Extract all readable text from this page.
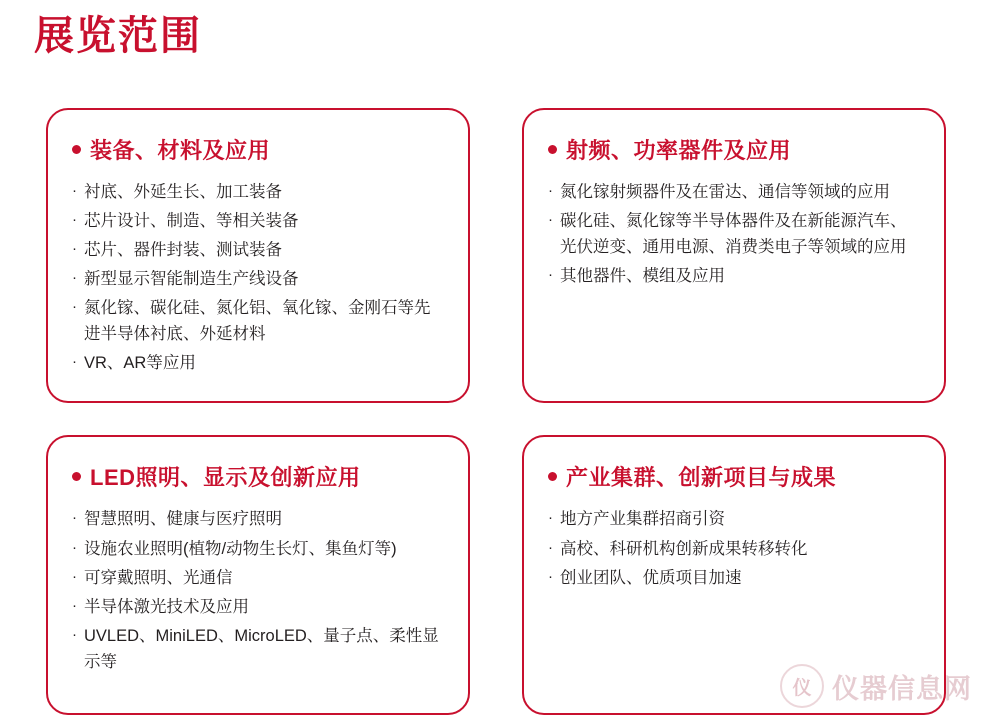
展览范围
装备、材料及应用
· 衬底、外延生长、加工装备
· 芯片设计、制造、等相关装备
· 芯片、器件封装、测试装备
· 新型显示智能制造生产线设备
· 氮化镓、碳化硅、氮化铝、氧化镓、金刚石等先进半导体衬底、外延材料
· VR、AR等应用
射频、功率器件及应用
· 氮化镓射频器件及在雷达、通信等领域的应用
· 碳化硅、氮化镓等半导体器件及在新能源汽车、光伏逆变、通用电源、消费类电子等领域的应用
· 其他器件、模组及应用
LED照明、显示及创新应用
· 智慧照明、健康与医疗照明
· 设施农业照明(植物/动物生长灯、集鱼灯等)
· 可穿戴照明、光通信
· 半导体激光技术及应用
· UVLED、MiniLED、MicroLED、量子点、柔性显示等
产业集群、创新项目与成果
· 地方产业集群招商引资
· 高校、科研机构创新成果转移转化
· 创业团队、优质项目加速
仪 仪器信息网
